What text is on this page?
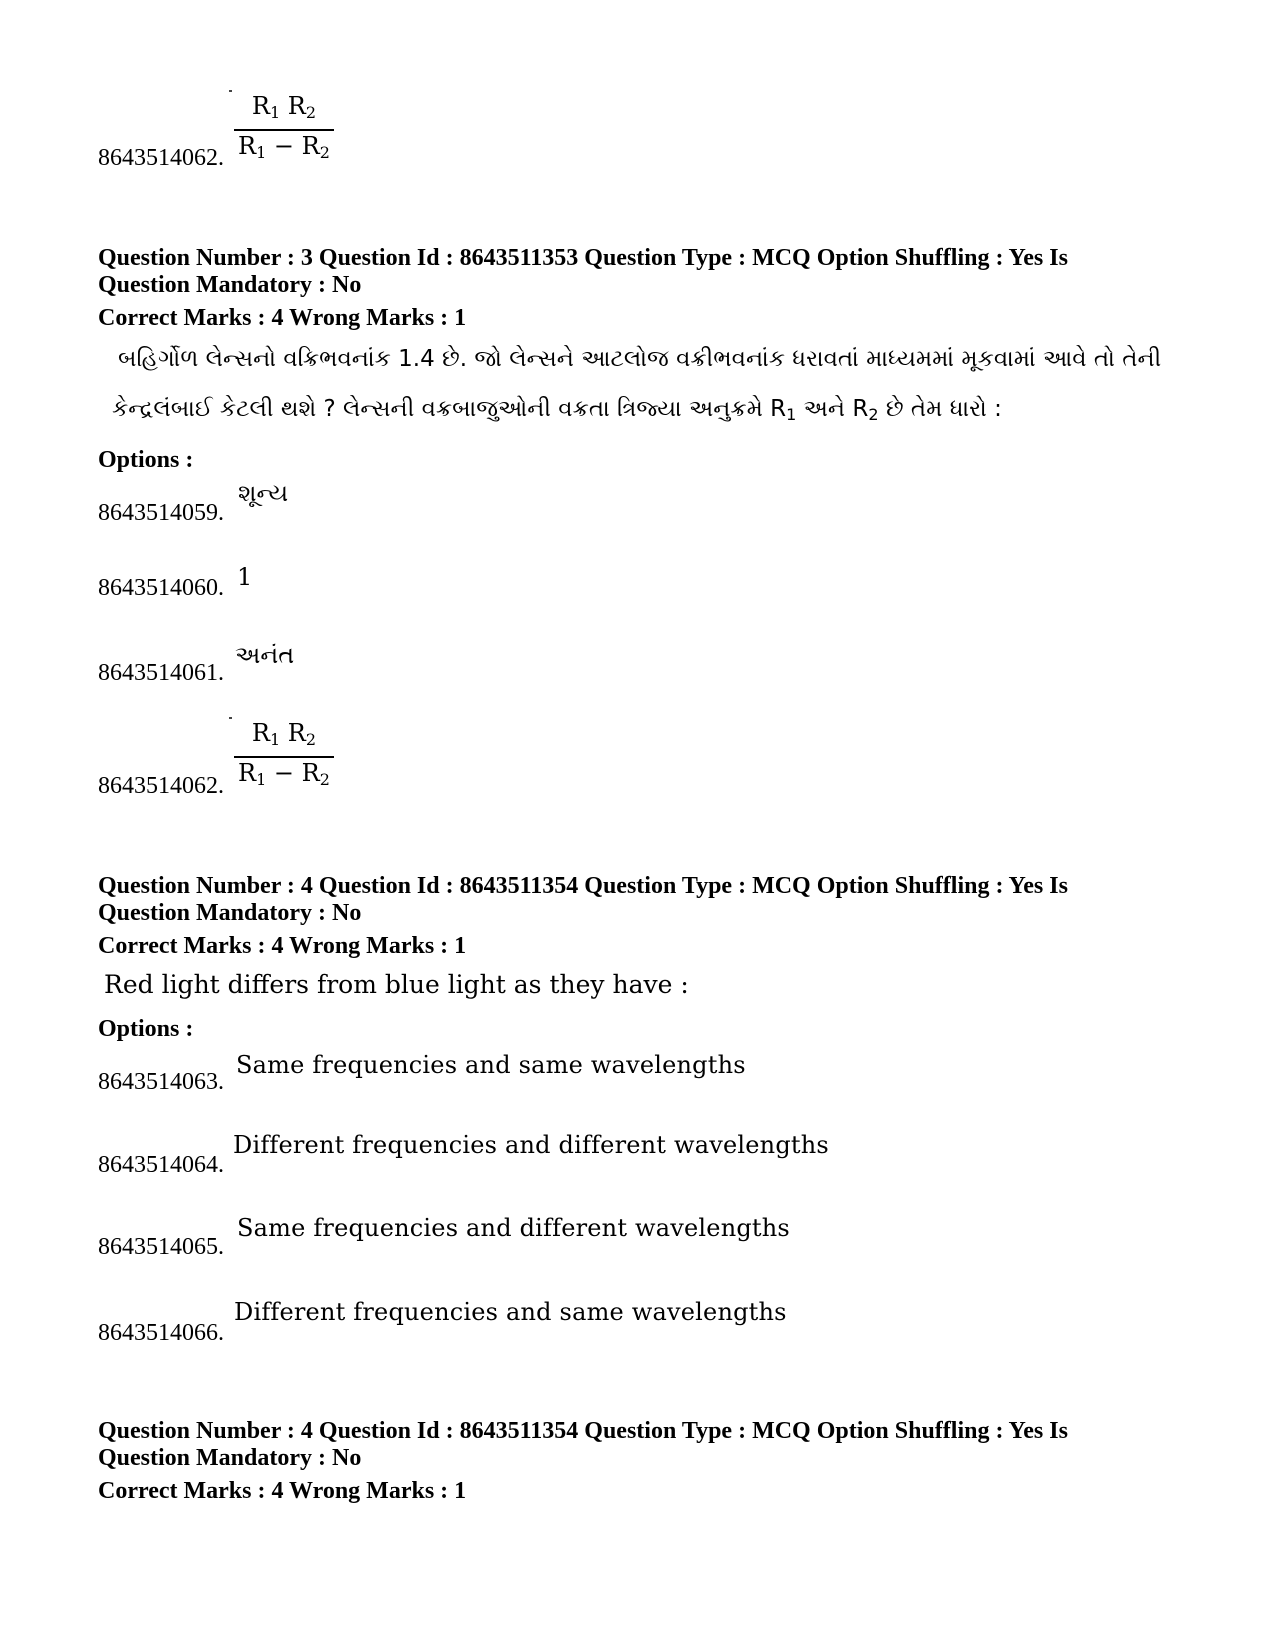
$\frac{R_1 R_2}{R_1 - R_2}$
8643514062.
Question Number : 3 Question Id : 8643511353 Question Type : MCQ Option Shuffling : Yes Is
Question Mandatory : No
Correct Marks : 4 Wrong Marks : 1
બહિર્ગોળ લેન્સનો વક્રિભવનાંક 1.4 છે. જો લેન્સને આટલોજ વક્રીભવનાંક ધરાવતાં માધ્યમમાં મૂકવામાં આવે તો તેની
કેન્દ્રલંબાઈ કેટલી થશે ? લેન્સની વક્રબાજુઓની વક્રતા ત્રિજ્યા અનુક્રમે $R_1$ અને $R_2$ છે તેમ ધારો :
Options :
8643514059.
શૂન્ય
8643514060. 1
8643514061.
અનંત
8643514062. $\frac{R_1 R_2}{R_1 - R_2}$
Question Number : 4 Question Id : 8643511354 Question Type : MCQ Option Shuffling : Yes Is
Question Mandatory : No
Correct Marks : 4 Wrong Marks : 1
Red light differs from blue light as they have :
Options :
8643514063.
Same frequencies and same wavelengths
8643514064.
Different frequencies and different wavelengths
8643514065.
Same frequencies and different wavelengths
8643514066.
Different frequencies and same wavelengths
Question Number : 4 Question Id : 8643511354 Question Type : MCQ Option Shuffling : Yes Is
Question Mandatory : No
Correct Marks : 4 Wrong Marks : 1
